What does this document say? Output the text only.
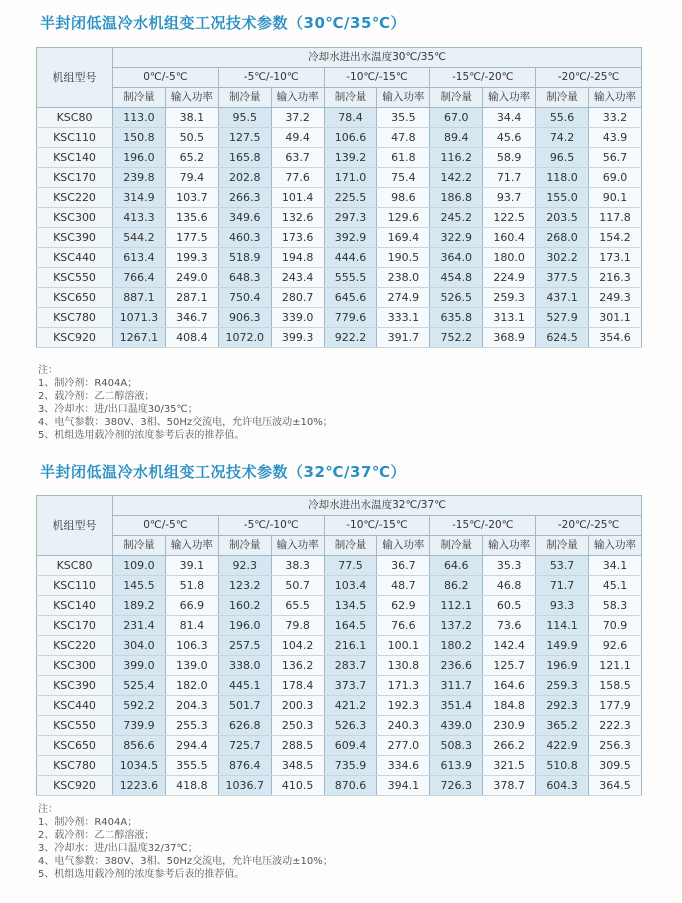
半封闭低温冷水机组变工况技术参数（30℃/35℃）
机组型号	冷却水进出水温度30℃/35℃									
	0℃/-5℃		-5℃/-10℃		-10℃/-15℃		-15℃/-20℃		-20℃/-25℃	
	制冷量	输入功率	制冷量	输入功率	制冷量	输入功率	制冷量	输入功率	制冷量	输入功率
KSC80	113.0	38.1	95.5	37.2	78.4	35.5	67.0	34.4	55.6	33.2
KSC110	150.8	50.5	127.5	49.4	106.6	47.8	89.4	45.6	74.2	43.9
KSC140	196.0	65.2	165.8	63.7	139.2	61.8	116.2	58.9	96.5	56.7
KSC170	239.8	79.4	202.8	77.6	171.0	75.4	142.2	71.7	118.0	69.0
KSC220	314.9	103.7	266.3	101.4	225.5	98.6	186.8	93.7	155.0	90.1
KSC300	413.3	135.6	349.6	132.6	297.3	129.6	245.2	122.5	203.5	117.8
KSC390	544.2	177.5	460.3	173.6	392.9	169.4	322.9	160.4	268.0	154.2
KSC440	613.4	199.3	518.9	194.8	444.6	190.5	364.0	180.0	302.2	173.1
KSC550	766.4	249.0	648.3	243.4	555.5	238.0	454.8	224.9	377.5	216.3
KSC650	887.1	287.1	750.4	280.7	645.6	274.9	526.5	259.3	437.1	249.3
KSC780	1071.3	346.7	906.3	339.0	779.6	333.1	635.8	313.1	527.9	301.1
KSC920	1267.1	408.4	1072.0	399.3	922.2	391.7	752.2	368.9	624.5	354.6
注：
1、制冷剂：R404A；
2、载冷剂：乙二醇溶液；
3、冷却水：进/出口温度30/35℃；
4、电气参数：380V、3相、50Hz交流电，允许电压波动±10%；
5、机组选用载冷剂的浓度参考后表的推荐值。
半封闭低温冷水机组变工况技术参数（32℃/37℃）
机组型号	冷却水进出水温度32℃/37℃									
	0℃/-5℃		-5℃/-10℃		-10℃/-15℃		-15℃/-20℃		-20℃/-25℃	
	制冷量	输入功率	制冷量	输入功率	制冷量	输入功率	制冷量	输入功率	制冷量	输入功率
KSC80	109.0	39.1	92.3	38.3	77.5	36.7	64.6	35.3	53.7	34.1
KSC110	145.5	51.8	123.2	50.7	103.4	48.7	86.2	46.8	71.7	45.1
KSC140	189.2	66.9	160.2	65.5	134.5	62.9	112.1	60.5	93.3	58.3
KSC170	231.4	81.4	196.0	79.8	164.5	76.6	137.2	73.6	114.1	70.9
KSC220	304.0	106.3	257.5	104.2	216.1	100.1	180.2	142.4	149.9	92.6
KSC300	399.0	139.0	338.0	136.2	283.7	130.8	236.6	125.7	196.9	121.1
KSC390	525.4	182.0	445.1	178.4	373.7	171.3	311.7	164.6	259.3	158.5
KSC440	592.2	204.3	501.7	200.3	421.2	192.3	351.4	184.8	292.3	177.9
KSC550	739.9	255.3	626.8	250.3	526.3	240.3	439.0	230.9	365.2	222.3
KSC650	856.6	294.4	725.7	288.5	609.4	277.0	508.3	266.2	422.9	256.3
KSC780	1034.5	355.5	876.4	348.5	735.9	334.6	613.9	321.5	510.8	309.5
KSC920	1223.6	418.8	1036.7	410.5	870.6	394.1	726.3	378.7	604.3	364.5
注：
1、制冷剂：R404A；
2、载冷剂：乙二醇溶液；
3、冷却水：进/出口温度32/37℃；
4、电气参数：380V、3相、50Hz交流电，允许电压波动±10%；
5、机组选用载冷剂的浓度参考后表的推荐值。
